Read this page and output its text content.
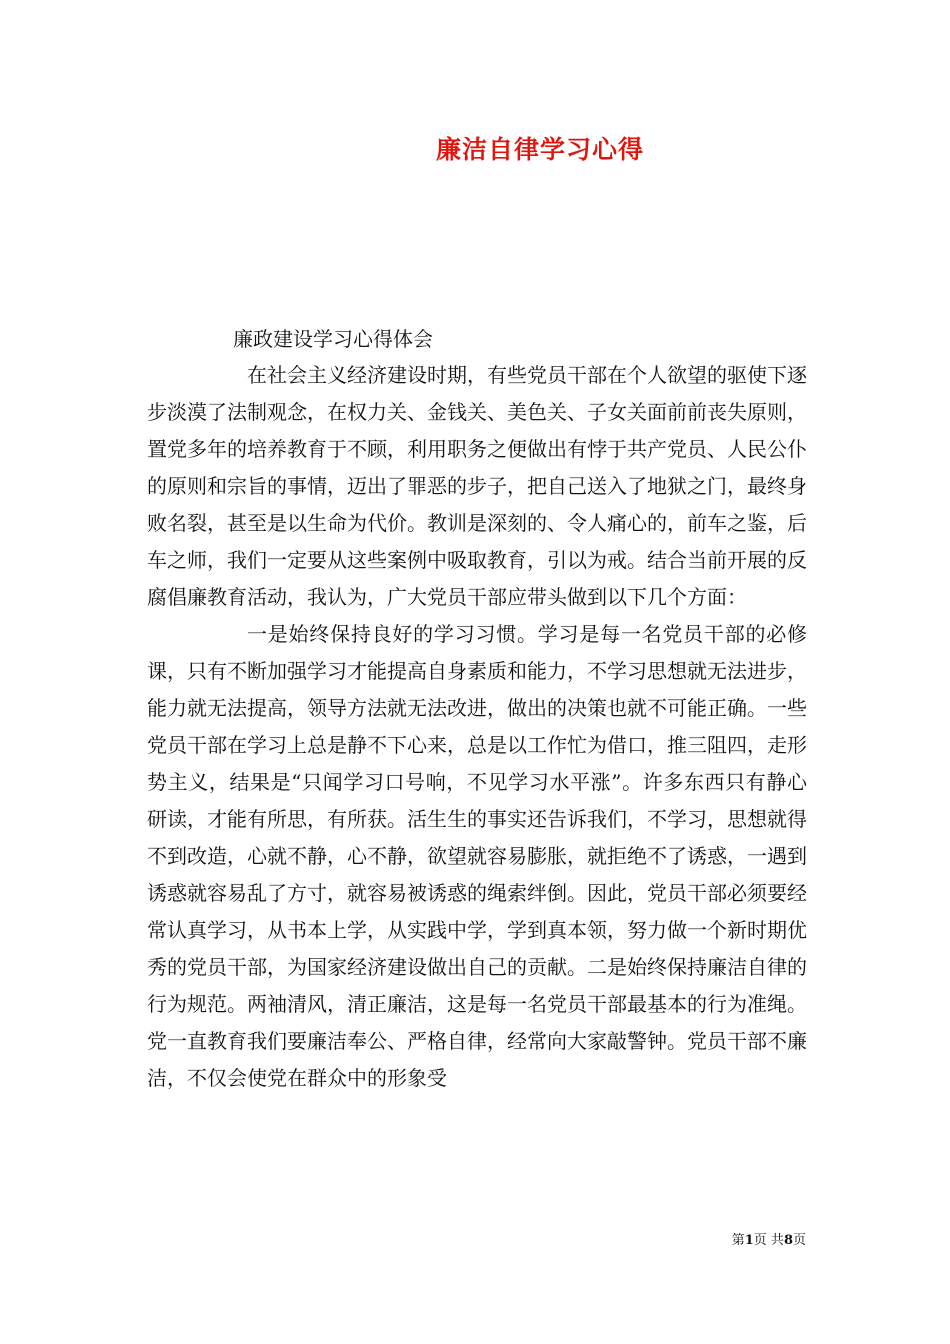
廉洁自律学习心得

廉政建设学习心得体会

在社会主义经济建设时期，有些党员干部在个人欲望的驱使下逐步淡漠了法制观念，在权力关、金钱关、美色关、子女关面前前丧失原则，置党多年的培养教育于不顾，利用职务之便做出有悖于共产党员、人民公仆的原则和宗旨的事情，迈出了罪恶的步子，把自己送入了地狱之门，最终身败名裂，甚至是以生命为代价。教训是深刻的、令人痛心的，前车之鉴，后车之师，我们一定要从这些案例中吸取教育，引以为戒。结合当前开展的反腐倡廉教育活动，我认为，广大党员干部应带头做到以下几个方面：

一是始终保持良好的学习习惯。学习是每一名党员干部的必修课，只有不断加强学习才能提高自身素质和能力，不学习思想就无法进步，能力就无法提高，领导方法就无法改进，做出的决策也就不可能正确。一些党员干部在学习上总是静不下心来，总是以工作忙为借口，推三阻四，走形势主义，结果是“只闻学习口号响，不见学习水平涨”。许多东西只有静心研读，才能有所思，有所获。活生生的事实还告诉我们，不学习，思想就得不到改造，心就不静，心不静，欲望就容易膨胀，就拒绝不了诱惑，一遇到诱惑就容易乱了方寸，就容易被诱惑的绳索绊倒。因此，党员干部必须要经常认真学习，从书本上学，从实践中学，学到真本领，努力做一个新时期优秀的党员干部，为国家经济建设做出自己的贡献。二是始终保持廉洁自律的行为规范。两袖清风，清正廉洁，这是每一名党员干部最基本的行为准绳。党一直教育我们要廉洁奉公、严格自律，经常向大家敲警钟。党员干部不廉洁，不仅会使党在群众中的形象受

第1页 共8页
